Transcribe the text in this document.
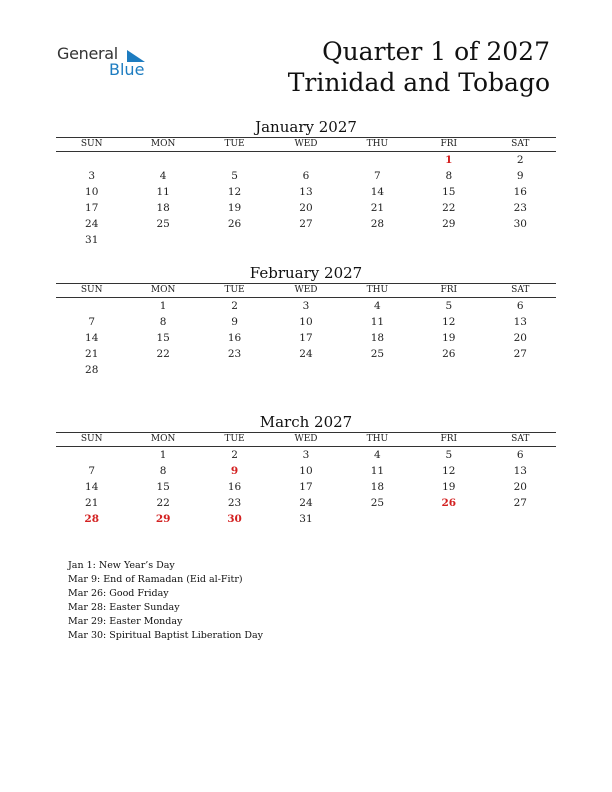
General
Blue
Quarter 1 of 2027
Trinidad and Tobago
January 2027
SUN	MON	TUE	WED	THU	FRI	SAT
					1	2
3	4	5	6	7	8	9
10	11	12	13	14	15	16
17	18	19	20	21	22	23
24	25	26	27	28	29	30
31						
February 2027
SUN	MON	TUE	WED	THU	FRI	SAT
	1	2	3	4	5	6
7	8	9	10	11	12	13
14	15	16	17	18	19	20
21	22	23	24	25	26	27
28						
March 2027
SUN	MON	TUE	WED	THU	FRI	SAT
	1	2	3	4	5	6
7	8	9	10	11	12	13
14	15	16	17	18	19	20
21	22	23	24	25	26	27
28	29	30	31			
Jan 1: New Year’s Day
Mar 9: End of Ramadan (Eid al-Fitr)
Mar 26: Good Friday
Mar 28: Easter Sunday
Mar 29: Easter Monday
Mar 30: Spiritual Baptist Liberation Day
